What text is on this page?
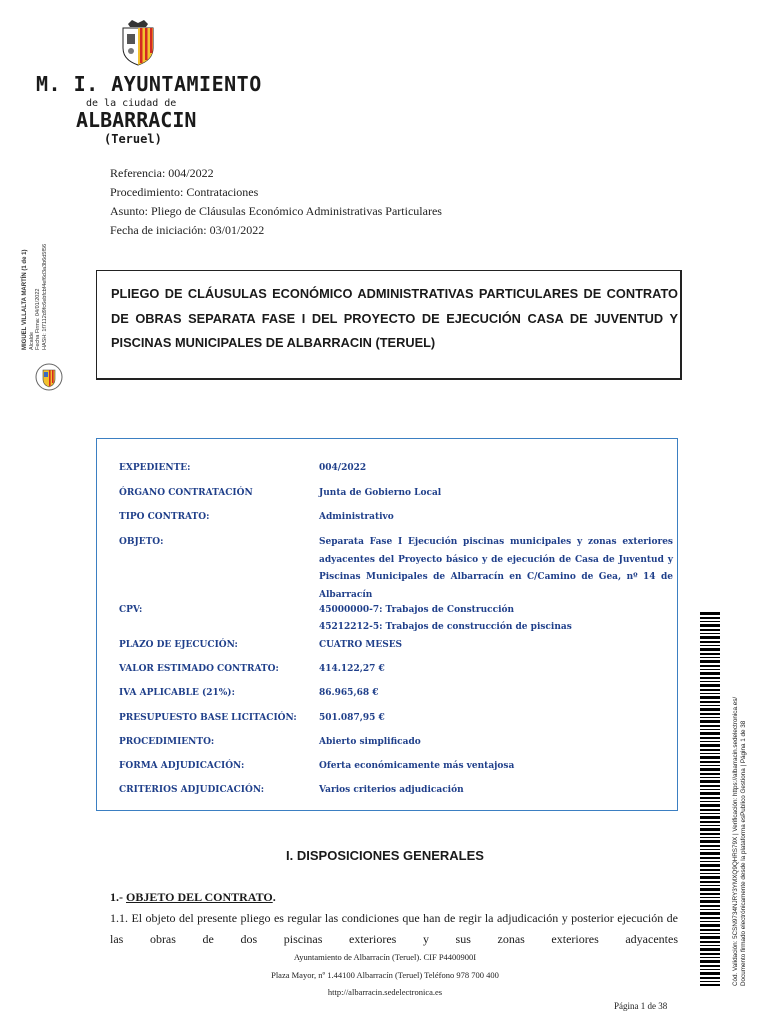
M. I. AYUNTAMIENTO
de la ciudad de
ALBARRACIN
(Teruel)
Referencia: 004/2022
Procedimiento: Contrataciones
Asunto: Pliego de Cláusulas Económico Administrativas Particulares
Fecha de iniciación: 03/01/2022
MIGUEL VILLALTA MARTÍN (1 de 1) Alcalde Fecha Firma: 04/01/2022 HASH: 1f7112d9fc6ebfcbf4ef6d3a3b6d5f56	PLIEGO DE CLÁUSULAS ECONÓMICO ADMINISTRATIVAS PARTICULARES DE CONTRATO DE OBRAS SEPARATA FASE I DEL PROYECTO DE EJECUCIÓN CASA DE JUVENTUD Y PISCINAS MUNICIPALES DE ALBARRACIN (TERUEL)
EXPEDIENTE:	004/2022
ÓRGANO CONTRATACIÓN	Junta de Gobierno Local
TIPO CONTRATO:	Administrativo
OBJETO:	Separata Fase I Ejecución piscinas municipales y zonas exteriores adyacentes del Proyecto básico y de ejecución de Casa de Juventud y Piscinas Municipales de Albarracín en C/Camino de Gea, nº 14 de Albarracín
CPV:	45000000-7: Trabajos de Construcción
45212212-5: Trabajos de construcción de piscinas
PLAZO DE EJECUCIÓN:	CUATRO MESES
VALOR ESTIMADO CONTRATO:	414.122,27 €
IVA APLICABLE (21%):	86.965,68 €
PRESUPUESTO BASE LICITACIÓN:	501.087,95 €
PROCEDIMIENTO:	Abierto simplificado
FORMA ADJUDICACIÓN:	Oferta económicamente más ventajosa
CRITERIOS ADJUDICACIÓN:	Varios criterios adjudicación
I. DISPOSICIONES GENERALES
1.- OBJETO DEL CONTRATO.
1.1. El objeto del presente pliego es regular las condiciones que han de regir la adjudicación y posterior ejecución de las obras de dos piscinas exteriores y sus zonas exteriores adyacentes
Ayuntamiento de Albarracín (Teruel). CIF P4400900I
Plaza Mayor, nº 1.44100 Albarracín (Teruel) Teléfono 978 700 400
http://albarracin.sedelectronica.es
Página 1 de 38
Cód. Validación: 5CSN9734NJRY3YMXQ9QHRS79X | Verificación: https://albarracin.sedelectronica.es/ Documento firmado electrónicamente desde la plataforma esPublico Gestiona | Página 1 de 38
